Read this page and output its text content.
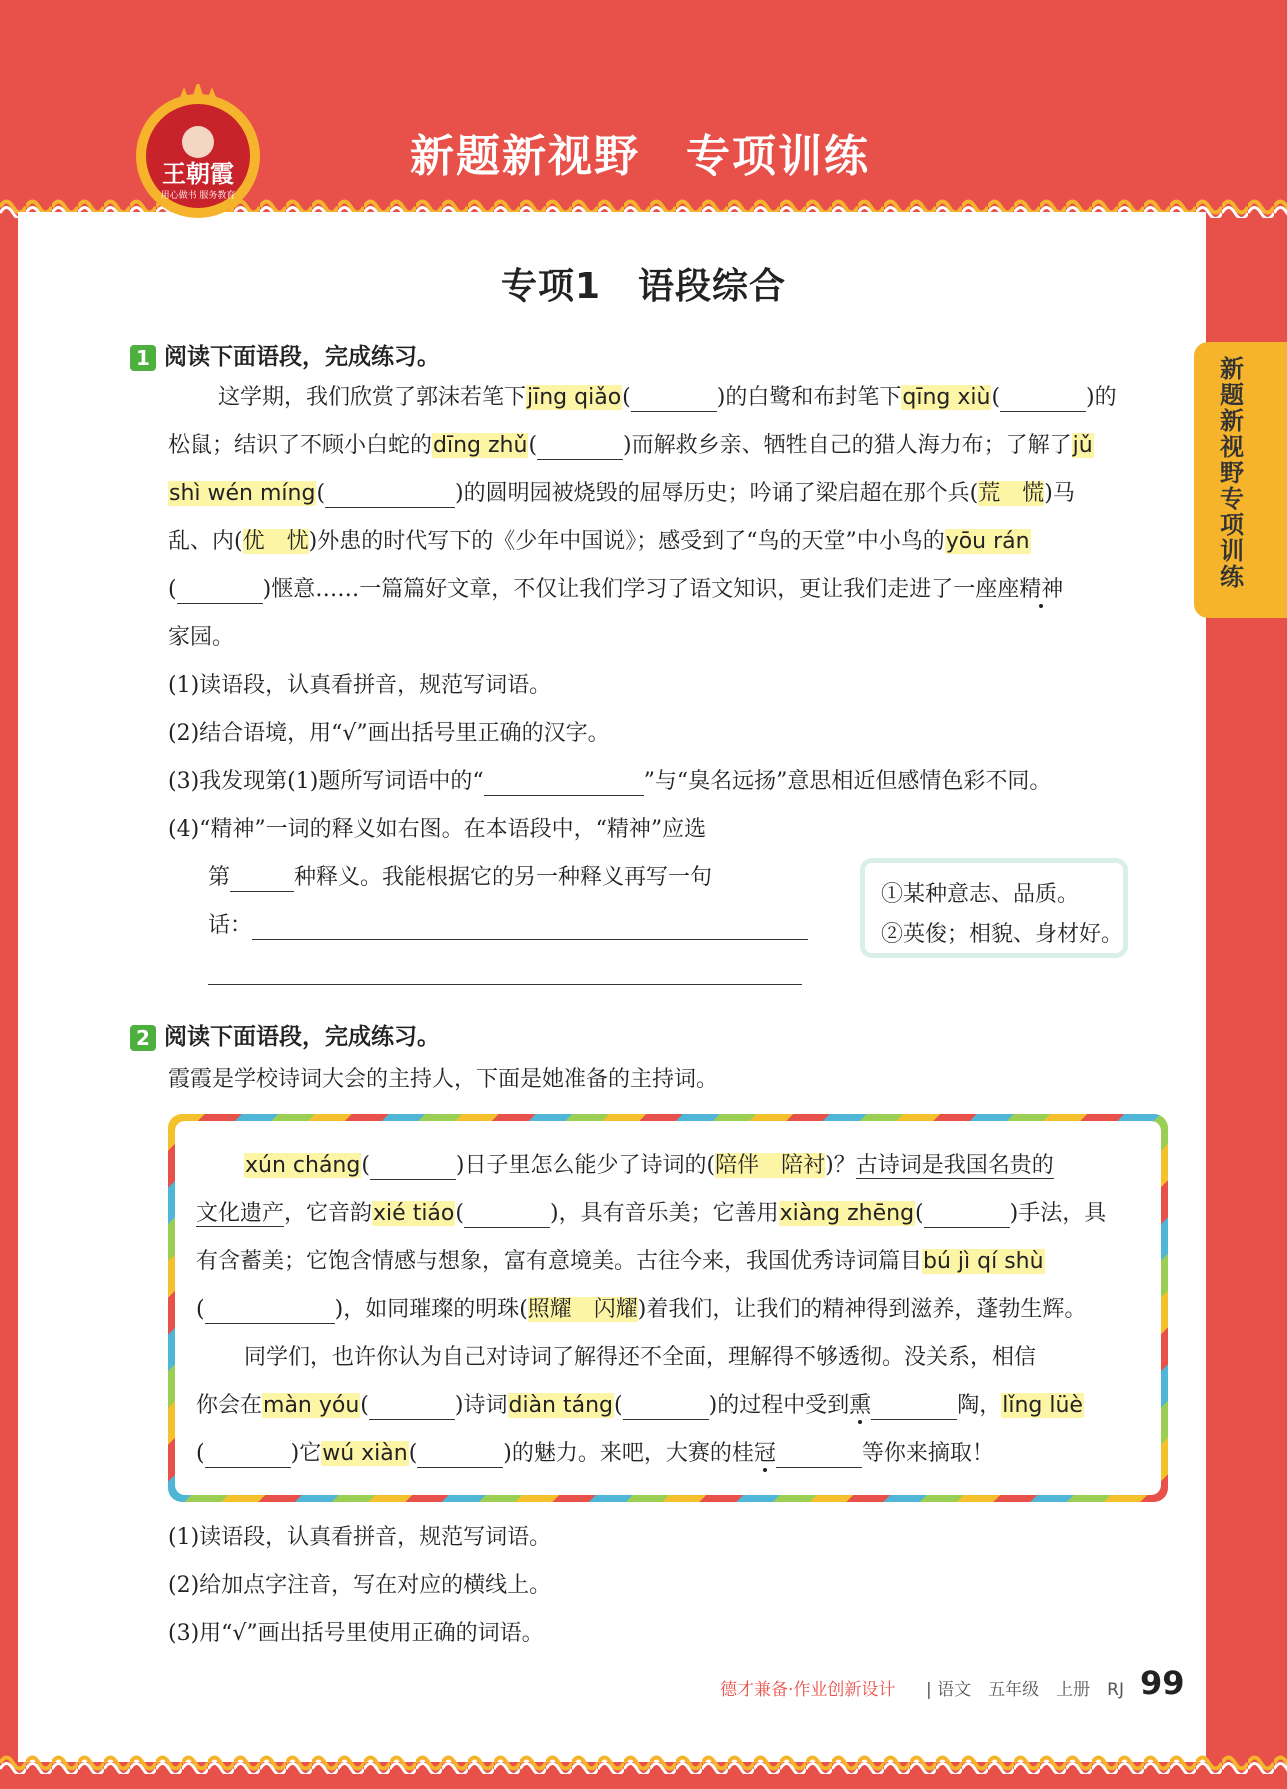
王朝霞
用心做书 服务教育
新题新视野　专项训练
新题新视野 专项训练
专项1　语段综合
1 阅读下面语段，完成练习。
这学期，我们欣赏了郭沫若笔下jīng qiǎo(	)的白鹭和布封笔下qīng xiù(	)的
松鼠；结识了不顾小白蛇的dīng zhǔ(	)而解救乡亲、牺牲自己的猎人海力布；了解了jǔ
shì wén míng(	)的圆明园被烧毁的屈辱历史；吟诵了梁启超在那个兵(荒　慌)马
乱、内(优　忧)外患的时代写下的《少年中国说》；感受到了“鸟的天堂”中小鸟的yōu rán
(	)惬意……一篇篇好文章，不仅让我们学习了语文知识，更让我们走进了一座座精神
家园。
(1)读语段，认真看拼音，规范写词语。
(2)结合语境，用“√”画出括号里正确的汉字。
(3)我发现第(1)题所写词语中的“	”与“臭名远扬”意思相近但感情色彩不同。
(4)“精神”一词的释义如右图。在本语段中，“精神”应选
第	种释义。我能根据它的另一种释义再写一句
话：
①某种意志、品质。
②英俊；相貌、身材好。
2 阅读下面语段，完成练习。
霞霞是学校诗词大会的主持人，下面是她准备的主持词。
xún cháng(	)日子里怎么能少了诗词的(陪伴　陪衬)？古诗词是我国名贵的
文化遗产，它音韵xié tiáo(	)，具有音乐美；它善用xiàng zhēng(	)手法，具
有含蓄美；它饱含情感与想象，富有意境美。古往今来，我国优秀诗词篇目bú jì qí shù
(	)，如同璀璨的明珠(照耀　闪耀)着我们，让我们的精神得到滋养，蓬勃生辉。
同学们，也许你认为自己对诗词了解得还不全面，理解得不够透彻。没关系，相信
你会在màn yóu(	)诗词diàn táng(	)的过程中受到熏	陶，lǐng lüè
(	)它wú xiàn(	)的魅力。来吧，大赛的桂冠	等你来摘取！
(1)读语段，认真看拼音，规范写词语。
(2)给加点字注音，写在对应的横线上。
(3)用“√”画出括号里使用正确的词语。
德才兼备·作业创新设计 | 语文　五年级　上册　RJ 99
